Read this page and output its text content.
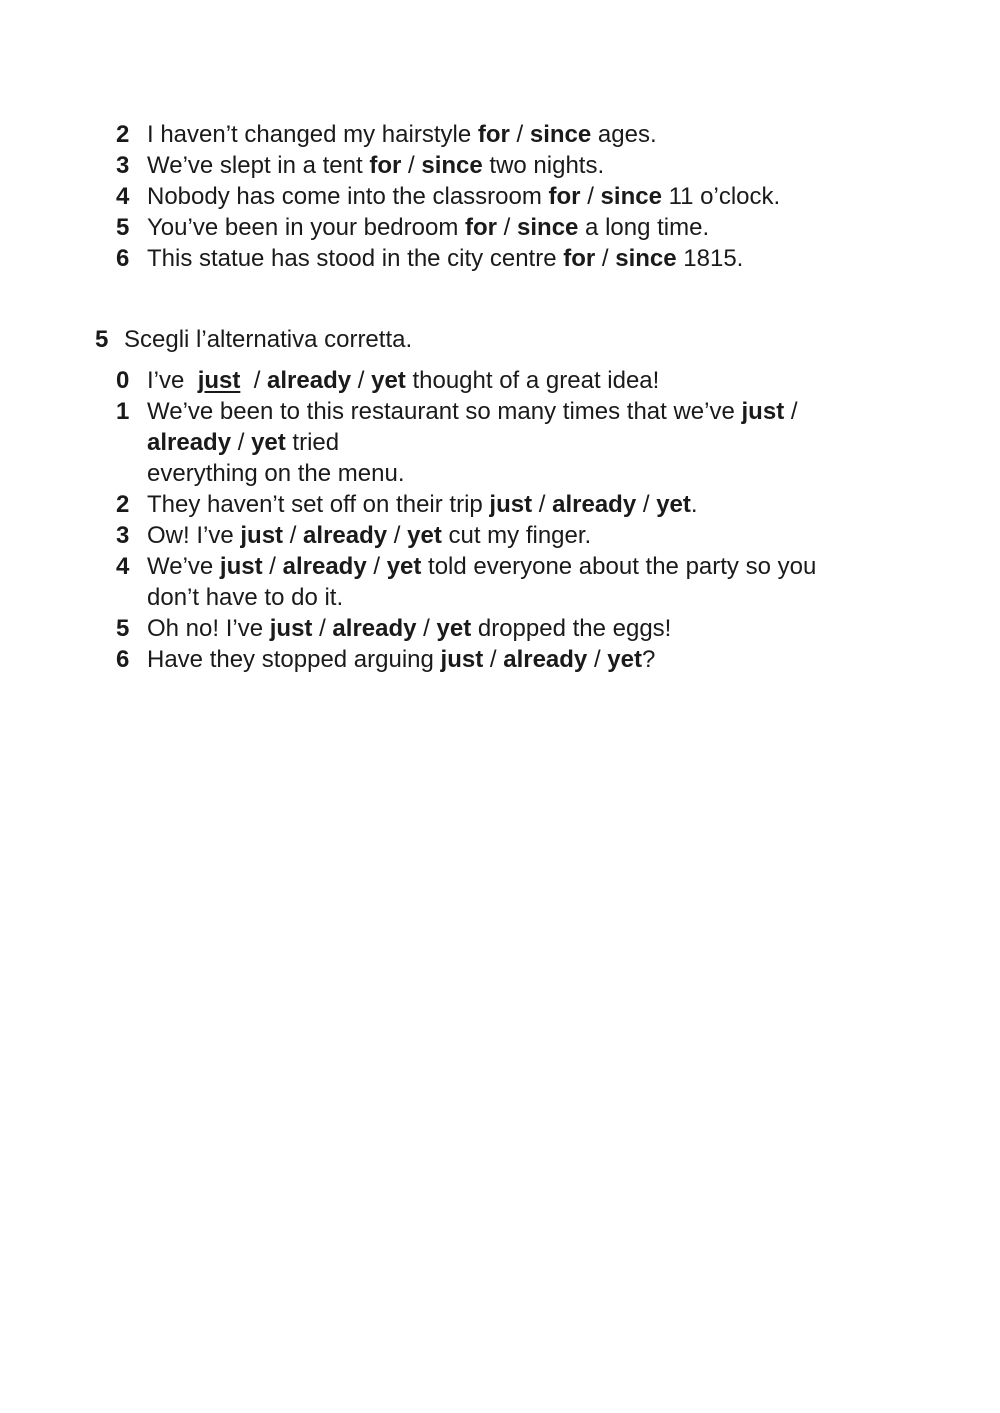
2 I haven’t changed my hairstyle for / since ages.
3 We’ve slept in a tent for / since two nights.
4 Nobody has come into the classroom for / since 11 o’clock.
5 You’ve been in your bedroom for / since a long time.
6 This statue has stood in the city centre for / since 1815.
5 Scegli l’alternativa corretta.
0 I’ve  just  / already / yet thought of a great idea!
1 We’ve been to this restaurant so many times that we’ve just /
already / yet tried
everything on the menu.
2 They haven’t set off on their trip just / already / yet.
3 Ow! I’ve just / already / yet cut my finger.
4 We’ve just / already / yet told everyone about the party so you don’t have to do it.
5 Oh no! I’ve just / already / yet dropped the eggs!
6 Have they stopped arguing just / already / yet?
